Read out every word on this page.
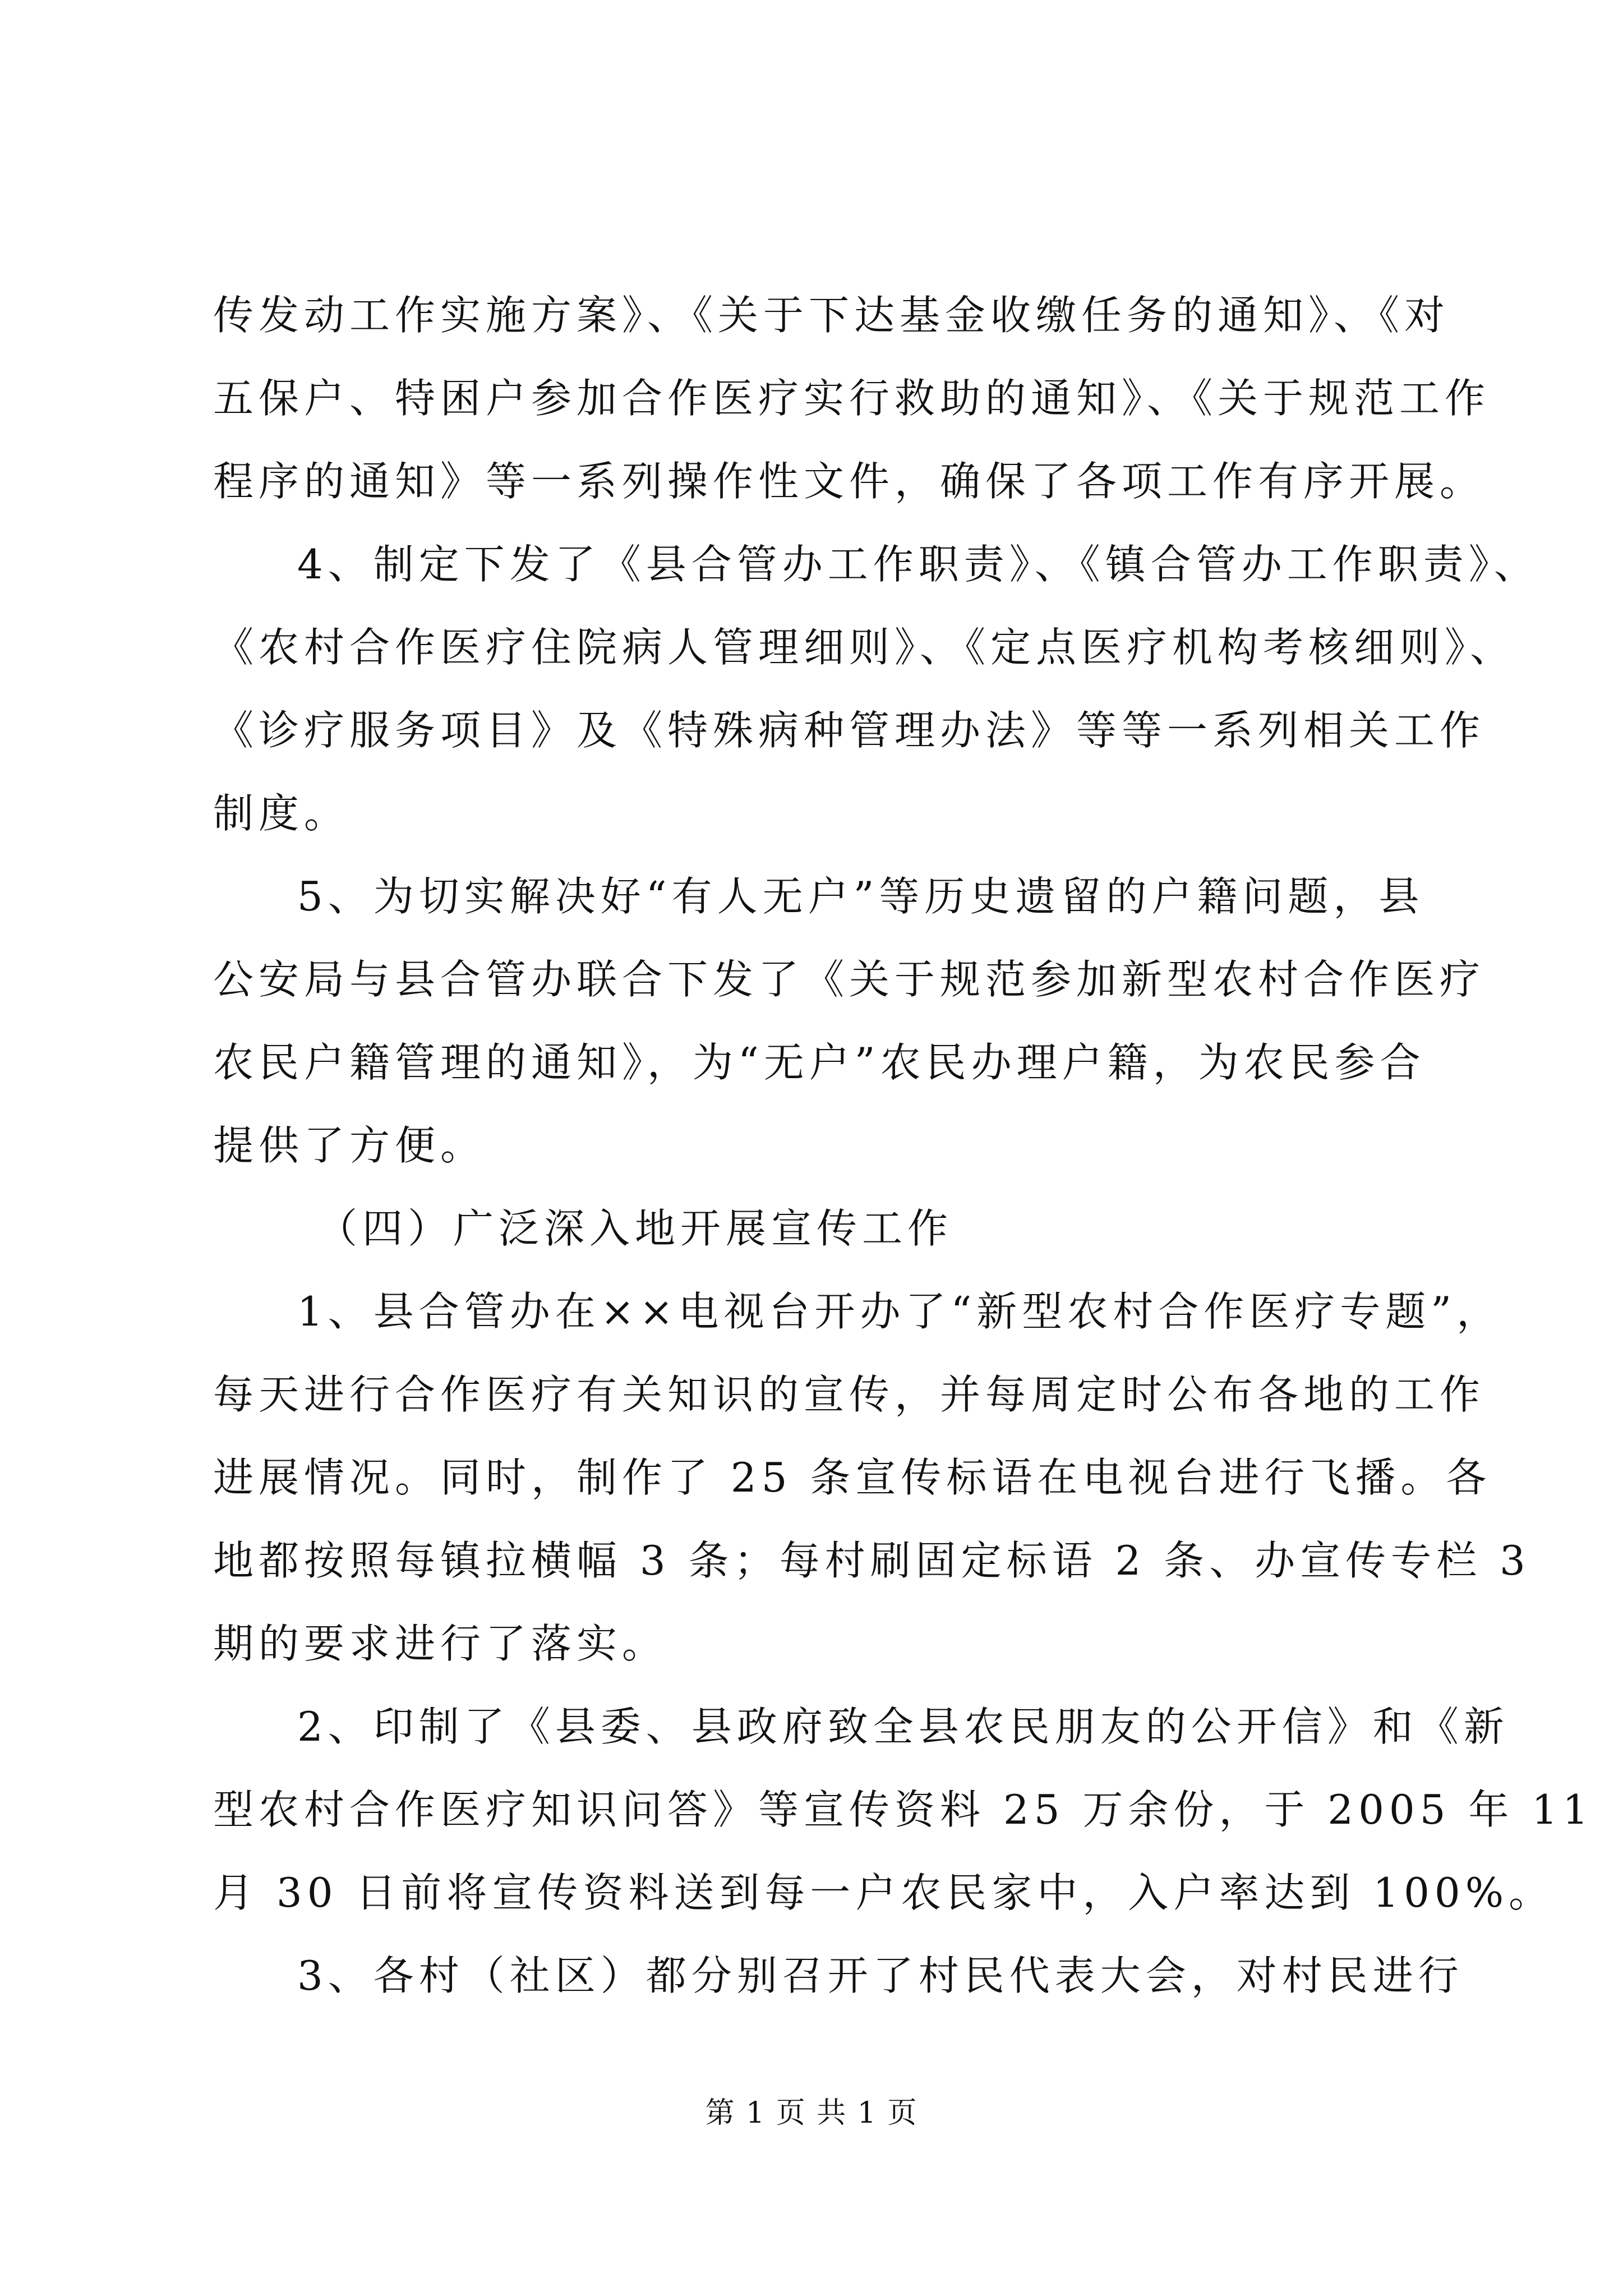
传发动工作实施方案》、《关于下达基金收缴任务的通知》、《对
五保户、特困户参加合作医疗实行救助的通知》、《关于规范工作
程序的通知》等一系列操作性文件，确保了各项工作有序开展。
4、制定下发了《县合管办工作职责》、《镇合管办工作职责》、
《农村合作医疗住院病人管理细则》、《定点医疗机构考核细则》、
《诊疗服务项目》及《特殊病种管理办法》等等一系列相关工作
制度。
5、为切实解决好“有人无户”等历史遗留的户籍问题，县
公安局与县合管办联合下发了《关于规范参加新型农村合作医疗
农民户籍管理的通知》，为“无户”农民办理户籍，为农民参合
提供了方便。
（四）广泛深入地开展宣传工作
1、县合管办在××电视台开办了“新型农村合作医疗专题”，
每天进行合作医疗有关知识的宣传，并每周定时公布各地的工作
进展情况。同时，制作了 25 条宣传标语在电视台进行飞播。各
地都按照每镇拉横幅 3 条；每村刷固定标语 2 条、办宣传专栏 3
期的要求进行了落实。
2、印制了《县委、县政府致全县农民朋友的公开信》和《新
型农村合作医疗知识问答》等宣传资料 25 万余份，于 2005 年 11
月 30 日前将宣传资料送到每一户农民家中，入户率达到 100%。
3、各村（社区）都分别召开了村民代表大会，对村民进行
第 1 页 共 1 页
